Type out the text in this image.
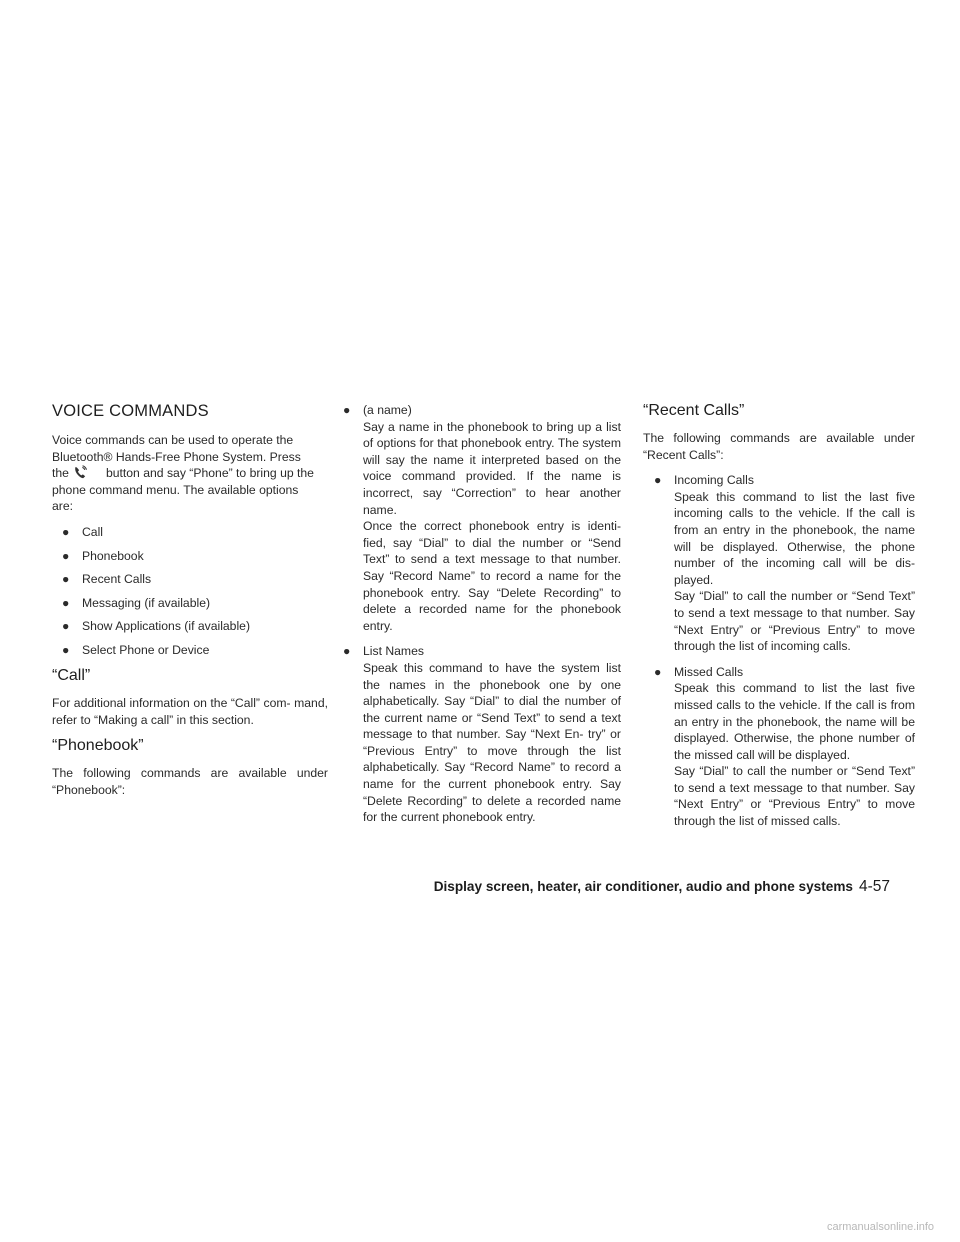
VOICE COMMANDS

Voice commands can be used to operate the
Bluetooth® Hands-Free Phone System. Press
the	button and say “Phone” to bring up the
phone command menu. The available options
are:

● Call
● Phonebook
● Recent Calls
● Messaging (if available)
● Show Applications (if available)
● Select Phone or Device
“Call”

For additional information on the “Call” com- mand, refer to “Making a call” in this section.

“Phonebook”

The following commands are available under “Phonebook”:

● (a name)
Say a name in the phonebook to bring up a list of options for that phonebook entry. The system will say the name it interpreted based on the voice command provided. If the name is incorrect, say “Correction” to hear another name.
Once the correct phonebook entry is identi- fied, say “Dial” to dial the number or “Send Text” to send a text message to that number. Say “Record Name” to record a name for the phonebook entry. Say “Delete Recording” to delete a recorded name for the phonebook entry.
● List Names
Speak this command to have the system list the names in the phonebook one by one alphabetically. Say “Dial” to dial the number of the current name or “Send Text” to send a text message to that number. Say “Next En- try” or “Previous Entry” to move through the list alphabetically. Say “Record Name” to record a name for the current phonebook entry. Say “Delete Recording” to delete a recorded name for the current phonebook entry.
“Recent Calls”

The following commands are available under “Recent Calls”:

● Incoming Calls
Speak this command to list the last five incoming calls to the vehicle. If the call is from an entry in the phonebook, the name will be displayed. Otherwise, the phone number of the incoming call will be dis- played.
Say “Dial” to call the number or “Send Text” to send a text message to that number. Say “Next Entry” or “Previous Entry” to move through the list of incoming calls.
● Missed Calls
Speak this command to list the last five missed calls to the vehicle. If the call is from an entry in the phonebook, the name will be displayed. Otherwise, the phone number of the missed call will be displayed.
Say “Dial” to call the number or “Send Text” to send a text message to that number. Say “Next Entry” or “Previous Entry” to move through the list of missed calls.
Display screen, heater, air conditioner, audio and phone systems 4-57
carmanualsonline.info
